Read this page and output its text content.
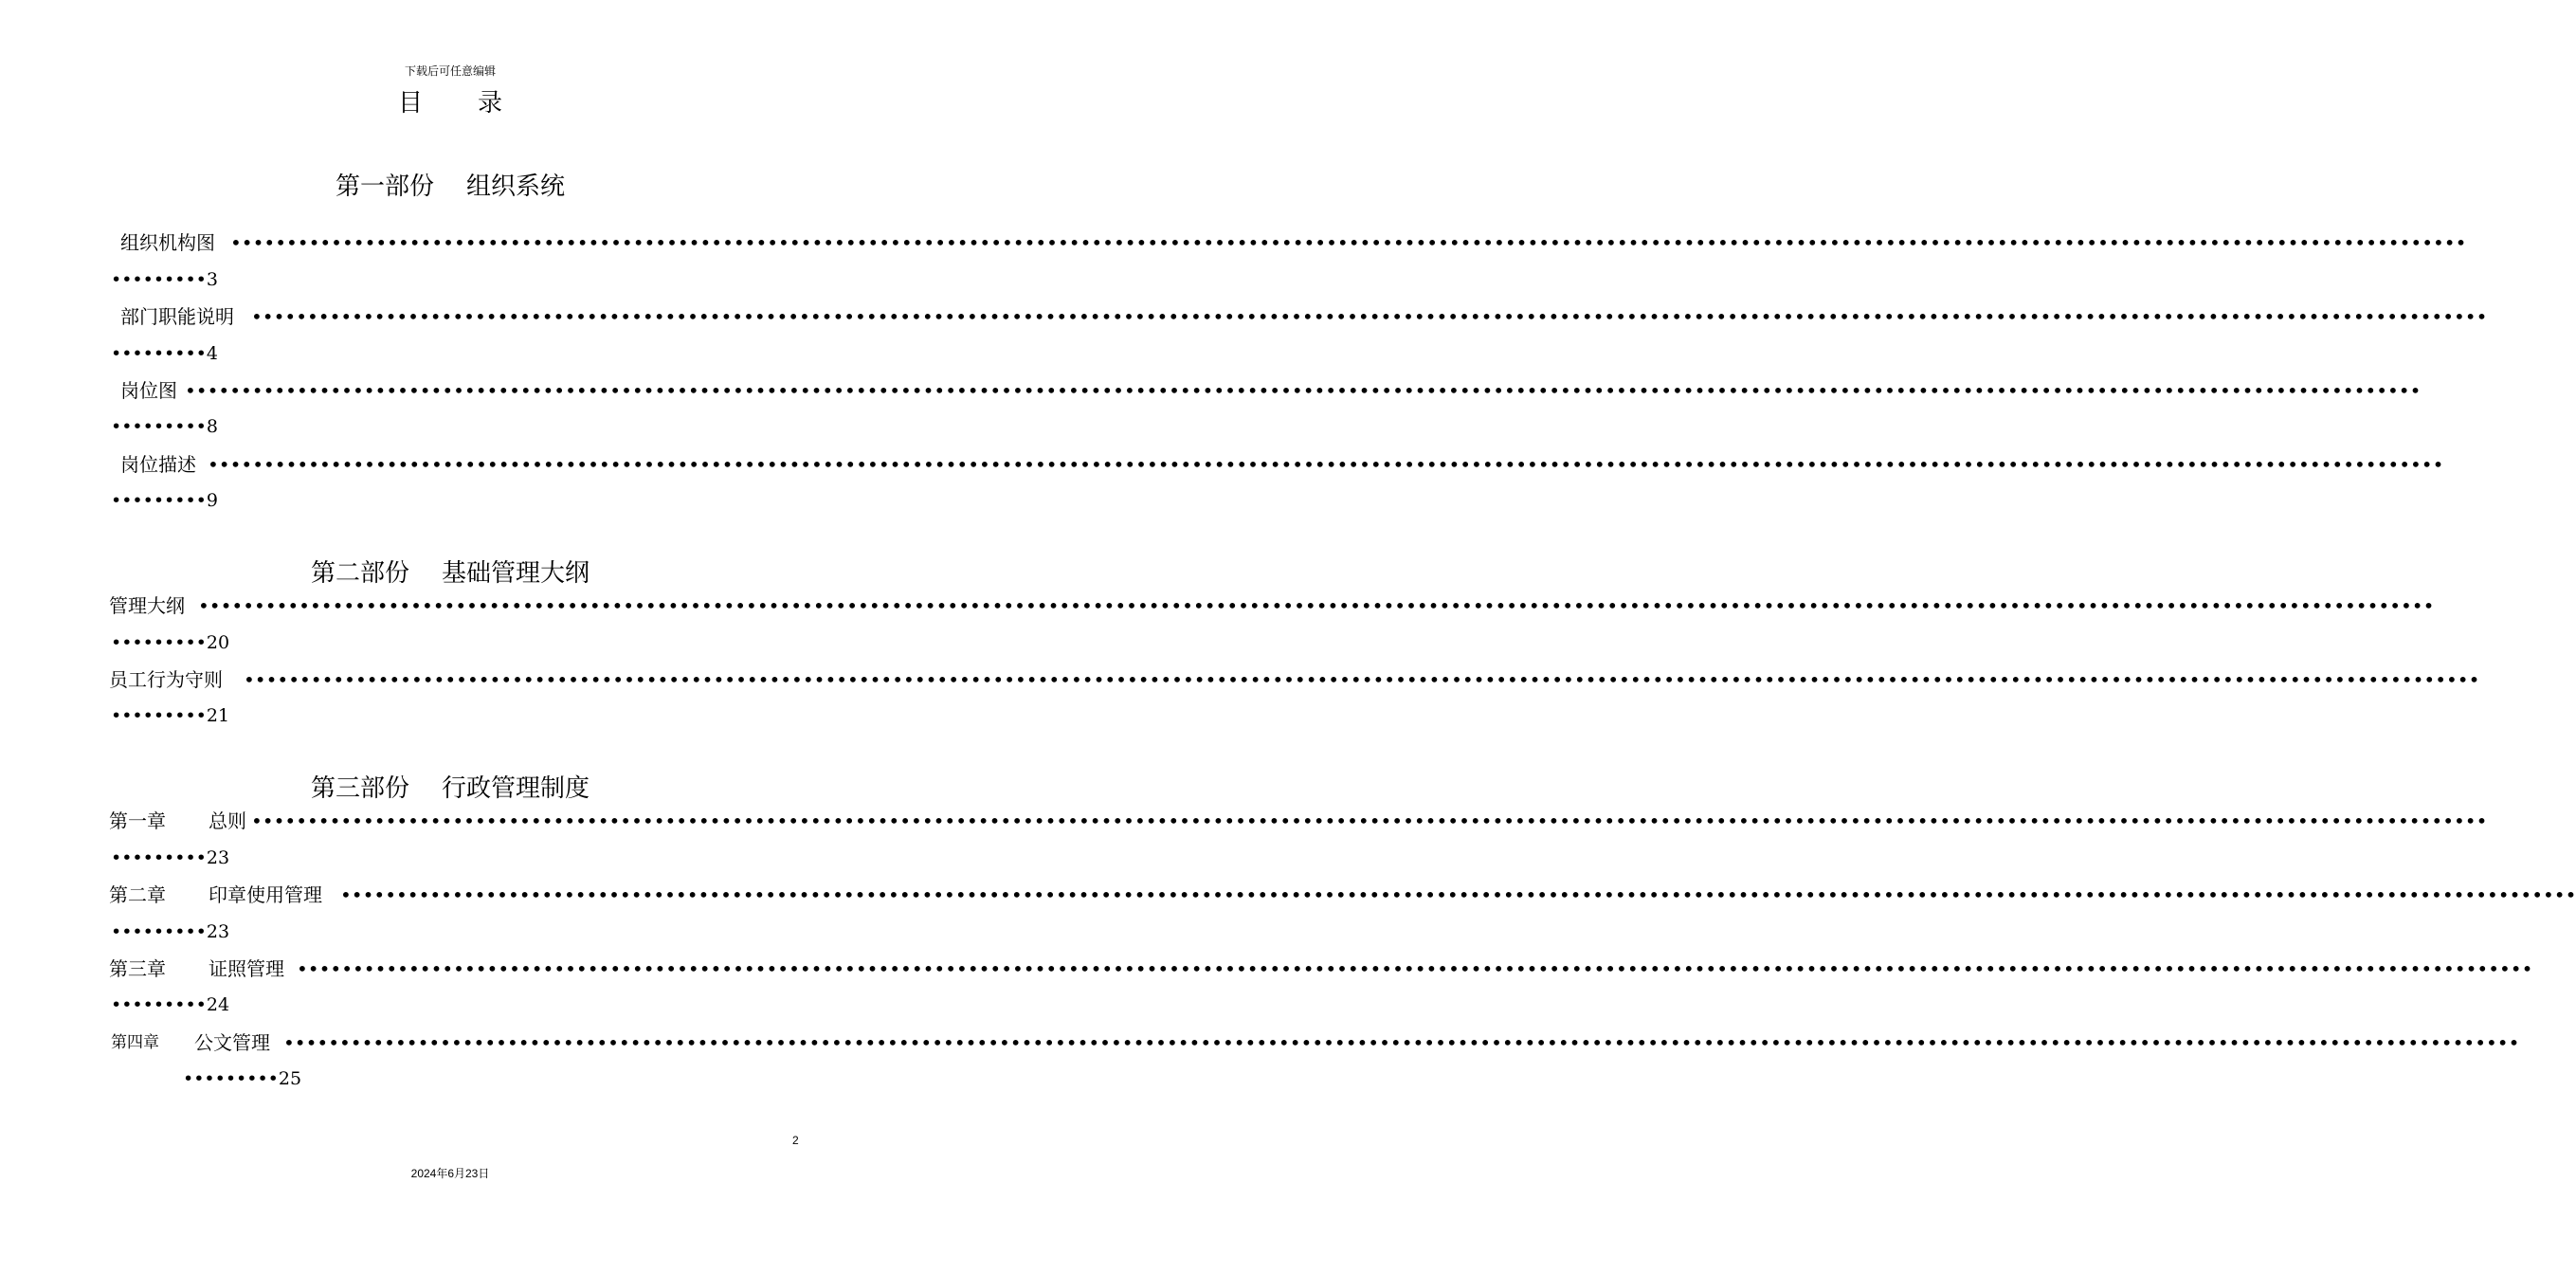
下载后可任意编辑
目录
第一部份 组织系统
组织机构图 ••••••••••••••••••••••••••••••••••••••••••••••••••••••••••••••••••••••••••••••••••••••••••••••••••••••••••••••••••••••••••••••••••••••••••••••••••••••••••••••••••••••••••••••••••••••••••••••••••••••••
•••••••••3
部门职能说明 ••••••••••••••••••••••••••••••••••••••••••••••••••••••••••••••••••••••••••••••••••••••••••••••••••••••••••••••••••••••••••••••••••••••••••••••••••••••••••••••••••••••••••••••••••••••••••••••••••••••••
•••••••••4
岗位图 ••••••••••••••••••••••••••••••••••••••••••••••••••••••••••••••••••••••••••••••••••••••••••••••••••••••••••••••••••••••••••••••••••••••••••••••••••••••••••••••••••••••••••••••••••••••••••••••••••••••••
•••••••••8
岗位描述 ••••••••••••••••••••••••••••••••••••••••••••••••••••••••••••••••••••••••••••••••••••••••••••••••••••••••••••••••••••••••••••••••••••••••••••••••••••••••••••••••••••••••••••••••••••••••••••••••••••••••
•••••••••9
第二部份 基础管理大纲
管理大纲 ••••••••••••••••••••••••••••••••••••••••••••••••••••••••••••••••••••••••••••••••••••••••••••••••••••••••••••••••••••••••••••••••••••••••••••••••••••••••••••••••••••••••••••••••••••••••••••••••••••••••
•••••••••20
员工行为守则 ••••••••••••••••••••••••••••••••••••••••••••••••••••••••••••••••••••••••••••••••••••••••••••••••••••••••••••••••••••••••••••••••••••••••••••••••••••••••••••••••••••••••••••••••••••••••••••••••••••••••
•••••••••21
第三部份 行政管理制度
第一章 总则 ••••••••••••••••••••••••••••••••••••••••••••••••••••••••••••••••••••••••••••••••••••••••••••••••••••••••••••••••••••••••••••••••••••••••••••••••••••••••••••••••••••••••••••••••••••••••••••••••••••••••
•••••••••23
第二章 印章使用管理 ••••••••••••••••••••••••••••••••••••••••••••••••••••••••••••••••••••••••••••••••••••••••••••••••••••••••••••••••••••••••••••••••••••••••••••••••••••••••••••••••••••••••••••••••••••••••••••••••••••••••
•••••••••23
第三章 证照管理 ••••••••••••••••••••••••••••••••••••••••••••••••••••••••••••••••••••••••••••••••••••••••••••••••••••••••••••••••••••••••••••••••••••••••••••••••••••••••••••••••••••••••••••••••••••••••••••••••••••••••
•••••••••24
第四章 公文管理 ••••••••••••••••••••••••••••••••••••••••••••••••••••••••••••••••••••••••••••••••••••••••••••••••••••••••••••••••••••••••••••••••••••••••••••••••••••••••••••••••••••••••••••••••••••••••••••••••••••••••
•••••••••25
2
2024年6月23日
